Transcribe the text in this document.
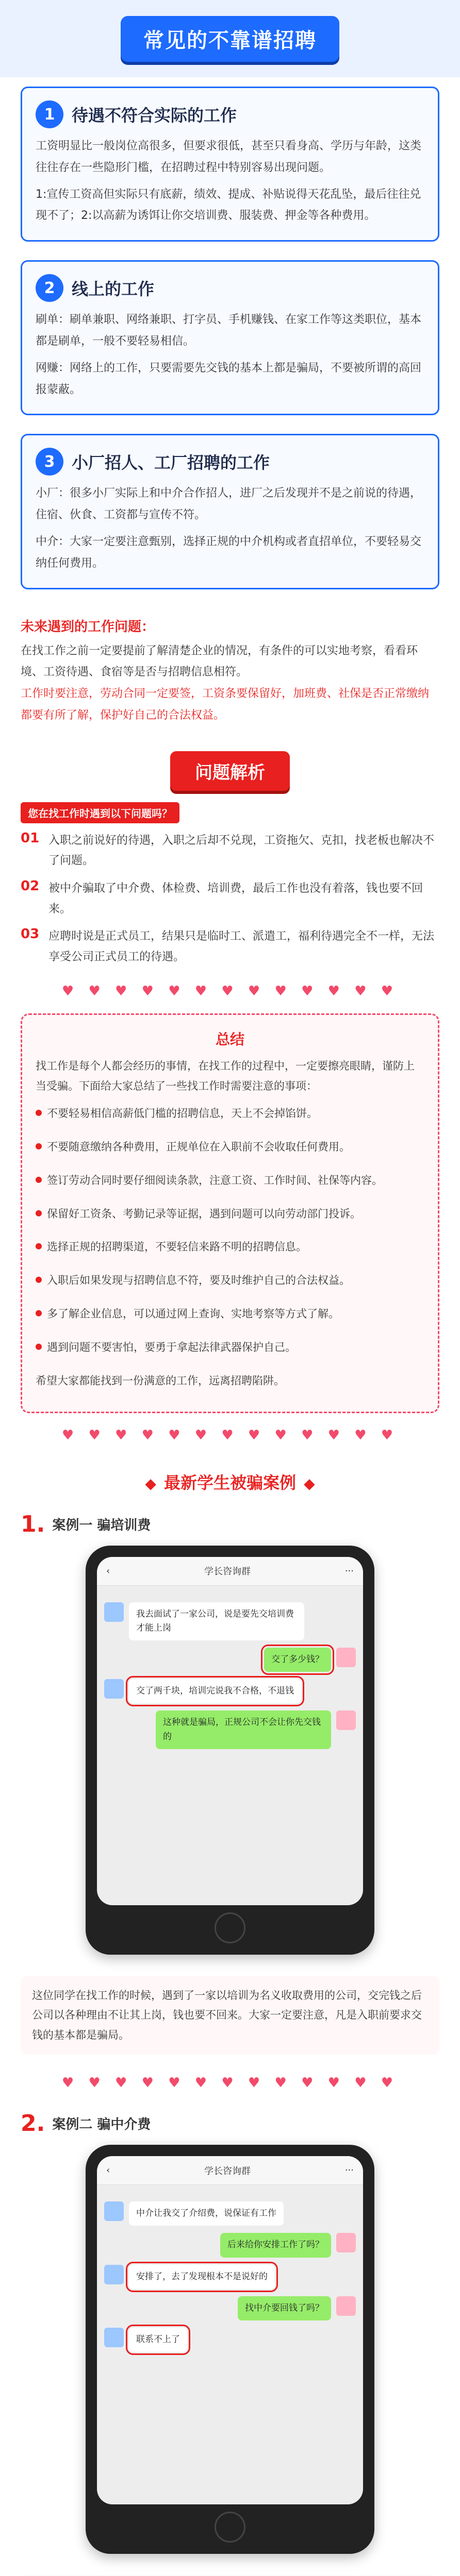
常见的不靠谱招聘
1	待遇不符合实际的工作

工资明显比一般岗位高很多，但要求很低，甚至只看身高、学历与年龄，这类往往存在一些隐形门槛，在招聘过程中特别容易出现问题。

1:宣传工资高但实际只有底薪，绩效、提成、补贴说得天花乱坠，最后往往兑现不了；2:以高薪为诱饵让你交培训费、服装费、押金等各种费用。

2	线上的工作

刷单：刷单兼职、网络兼职、打字员、手机赚钱、在家工作等这类职位，基本都是刷单，一般不要轻易相信。

网赚：网络上的工作，只要需要先交钱的基本上都是骗局，不要被所谓的高回报蒙蔽。

3	小厂招人、工厂招聘的工作

小厂：很多小厂实际上和中介合作招人，进厂之后发现并不是之前说的待遇，住宿、伙食、工资都与宣传不符。

中介：大家一定要注意甄别，选择正规的中介机构或者直招单位，不要轻易交纳任何费用。

未来遇到的工作问题：

在找工作之前一定要提前了解清楚企业的情况，有条件的可以实地考察，看看环境、工资待遇、食宿等是否与招聘信息相符。

工作时要注意，劳动合同一定要签，工资条要保留好，加班费、社保是否正常缴纳都要有所了解，保护好自己的合法权益。

问题解析
您在找工作时遇到以下问题吗？
01 入职之前说好的待遇，入职之后却不兑现，工资拖欠、克扣，找老板也解决不了问题。
02 被中介骗取了中介费、体检费、培训费，最后工作也没有着落，钱也要不回来。
03 应聘时说是正式员工，结果只是临时工、派遣工，福利待遇完全不一样，无法享受公司正式员工的待遇。
♥ ♥ ♥ ♥ ♥ ♥ ♥ ♥ ♥ ♥ ♥ ♥ ♥
总结

找工作是每个人都会经历的事情，在找工作的过程中，一定要擦亮眼睛，谨防上当受骗。下面给大家总结了一些找工作时需要注意的事项：

不要轻易相信高薪低门槛的招聘信息，天上不会掉馅饼。
不要随意缴纳各种费用，正规单位在入职前不会收取任何费用。
签订劳动合同时要仔细阅读条款，注意工资、工作时间、社保等内容。
保留好工资条、考勤记录等证据，遇到问题可以向劳动部门投诉。
选择正规的招聘渠道，不要轻信来路不明的招聘信息。
入职后如果发现与招聘信息不符，要及时维护自己的合法权益。
多了解企业信息，可以通过网上查询、实地考察等方式了解。
遇到问题不要害怕，要勇于拿起法律武器保护自己。

希望大家都能找到一份满意的工作，远离招聘陷阱。

♥ ♥ ♥ ♥ ♥ ♥ ♥ ♥ ♥ ♥ ♥ ♥ ♥
◆ 最新学生被骗案例 ◆
1. 案例一 骗培训费
‹	学长咨询群	···
我去面试了一家公司，说是要先交培训费才能上岗
交了多少钱？
交了两千块，培训完说我不合格，不退钱
这种就是骗局，正规公司不会让你先交钱的

这位同学在找工作的时候，遇到了一家以培训为名义收取费用的公司，交完钱之后公司以各种理由不让其上岗，钱也要不回来。大家一定要注意，凡是入职前要求交钱的基本都是骗局。

♥ ♥ ♥ ♥ ♥ ♥ ♥ ♥ ♥ ♥ ♥ ♥ ♥
2. 案例二 骗中介费
‹	学长咨询群	···
中介让我交了介绍费，说保证有工作
后来给你安排工作了吗？
安排了，去了发现根本不是说好的
找中介要回钱了吗？
联系不上了
